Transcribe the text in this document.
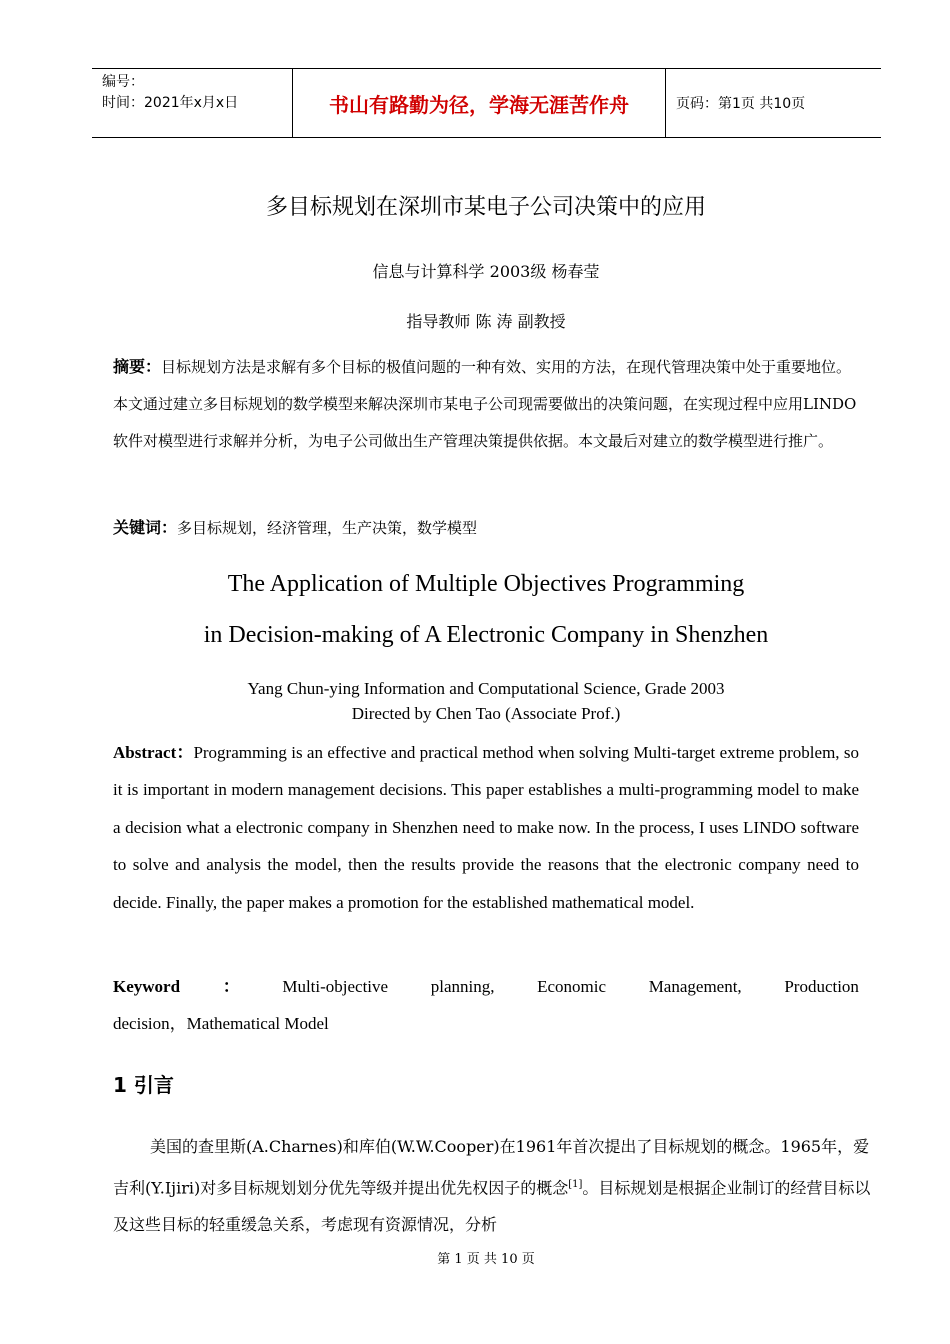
编号：
时间：2021年x月x日	书山有路勤为径，学海无涯苦作舟	页码：第1页 共10页
多目标规划在深圳市某电子公司决策中的应用
信息与计算科学 2003级 杨春莹
指导教师 陈 涛 副教授
摘要：目标规划方法是求解有多个目标的极值问题的一种有效、实用的方法，在现代管理决策中处于重要地位。本文通过建立多目标规划的数学模型来解决深圳市某电子公司现需要做出的决策问题，在实现过程中应用LINDO软件对模型进行求解并分析，为电子公司做出生产管理决策提供依据。本文最后对建立的数学模型进行推广。
关键词：多目标规划，经济管理，生产决策，数学模型
The Application of Multiple Objectives Programming
in Decision-making of A Electronic Company in Shenzhen
Yang Chun-ying Information and Computational Science, Grade 2003
Directed by Chen Tao (Associate Prof.)
Abstract：Programming is an effective and practical method when solving Multi-target extreme problem, so it is important in modern management decisions. This paper establishes a multi-programming model to make a decision what a electronic company in Shenzhen need to make now. In the process, I uses LINDO software to solve and analysis the model, then the results provide the reasons that the electronic company need to decide. Finally, the paper makes a promotion for the established mathematical model.
Keyword	：	Multi-objective	planning,	Economic	Management,	Production
decision，Mathematical Model
1 引言
美国的查里斯(A.Charnes)和库伯(W.W.Cooper)在1961年首次提出了目标规划的概念。1965年，爱吉利(Y.Ijiri)对多目标规划划分优先等级并提出优先权因子的概念[1]。目标规划是根据企业制订的经营目标以及这些目标的轻重缓急关系，考虑现有资源情况，分析
第 1 页 共 10 页
